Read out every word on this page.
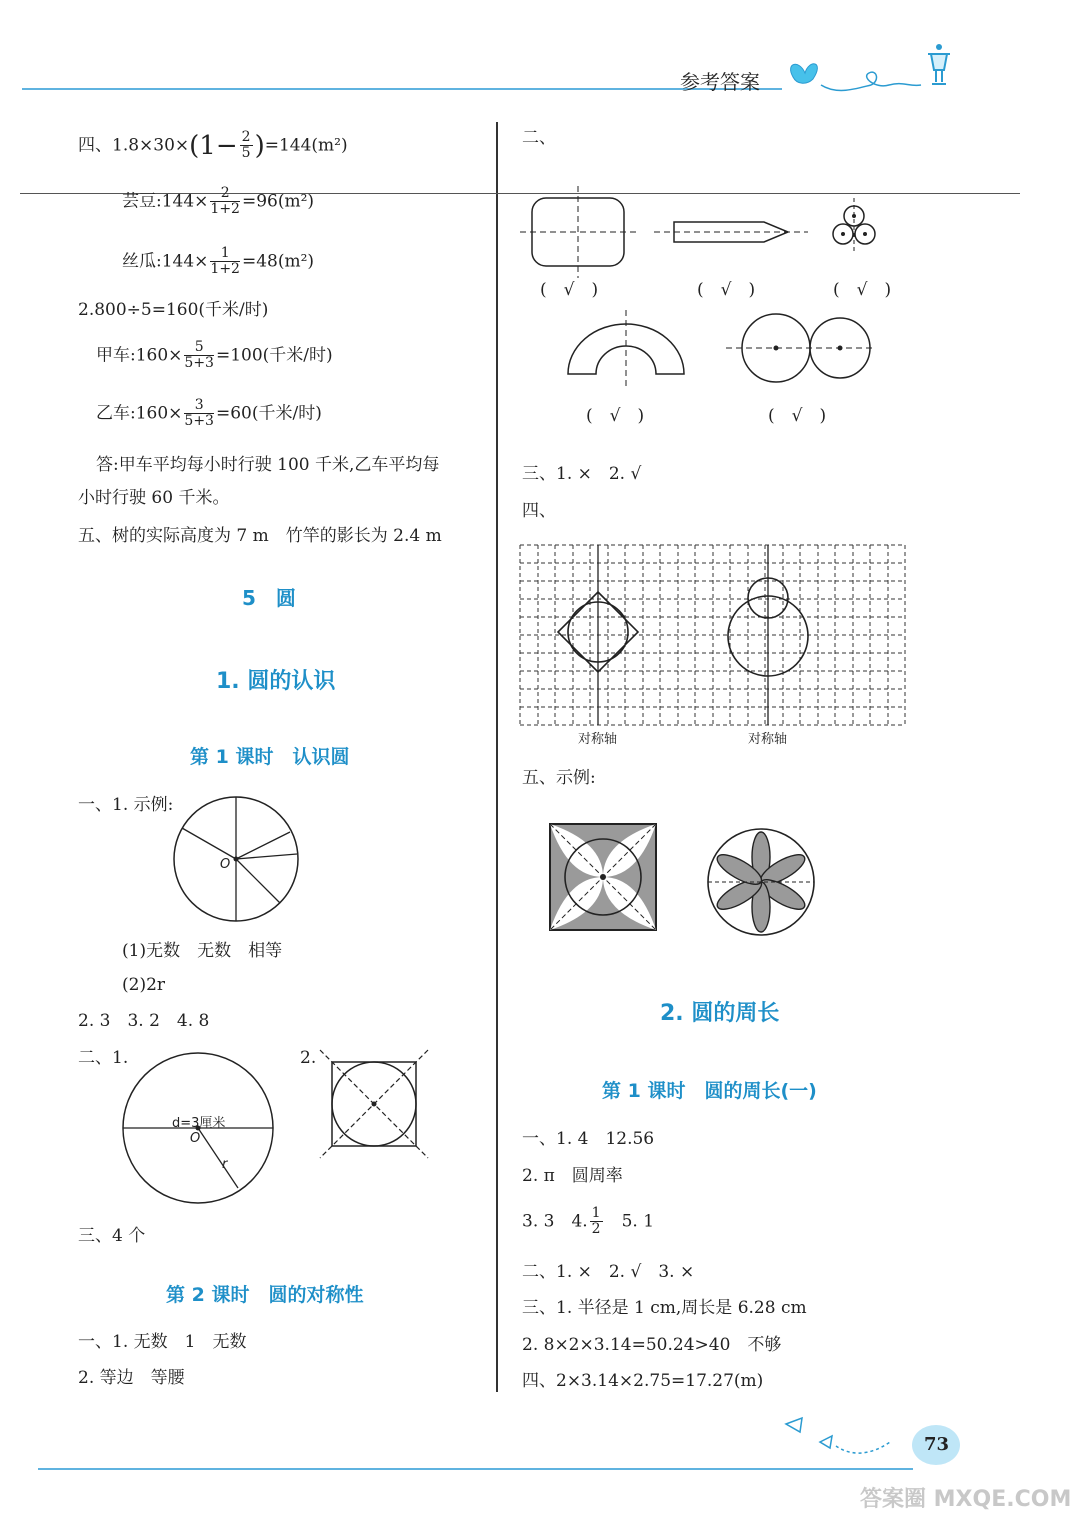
参考答案
四、$1.8\times 30\times(1- \frac{2}{5} )=144(m^2)$
芸豆:144× $\frac{2}{1+2} =96(m^2)$
丝瓜:144× $\frac{1}{1+2} =48(m^2)$
2.800÷5=160(千米/时)
甲车:160× $\frac{5}{5+3} =100$(千米/时)
乙车:160× $\frac{3}{5+3} =60$(千米/时)
答:甲车平均每小时行驶 100 千米,乙车平均每
小时行驶 60 千米。
五、树的实际高度为 7 m　竹竿的影长为 2.4 m
5　圆
1. 圆的认识
第 1 课时　认识圆
一、1. 示例:
O
(1)无数　无数　相等
(2)2r
2. 3　3. 2　4. 8
二、1.
d=3厘米
O
r
2.
三、4 个
第 2 课时　圆的对称性
一、1. 无数　1　无数
2. 等边　等腰
二、
(　√　)	(　√　)	(　√　)
(　√　)	(　√　)
三、1. ×　2. √
四、
对称轴	对称轴
五、示例:
2. 圆的周长
第 1 课时　圆的周长(一)
一、1. 4　12.56
2. π　圆周率
3. 3　4. $\frac{1}{2}$
　 5. 1
二、1. ×　2. √　3. ×
三、1. 半径是 1 cm,周长是 6.28 cm
2. 8×2×3.14=50.24>40　不够
四、2×3.14×2.75=17.27(m)
73
答案圈 MXQE.COM
